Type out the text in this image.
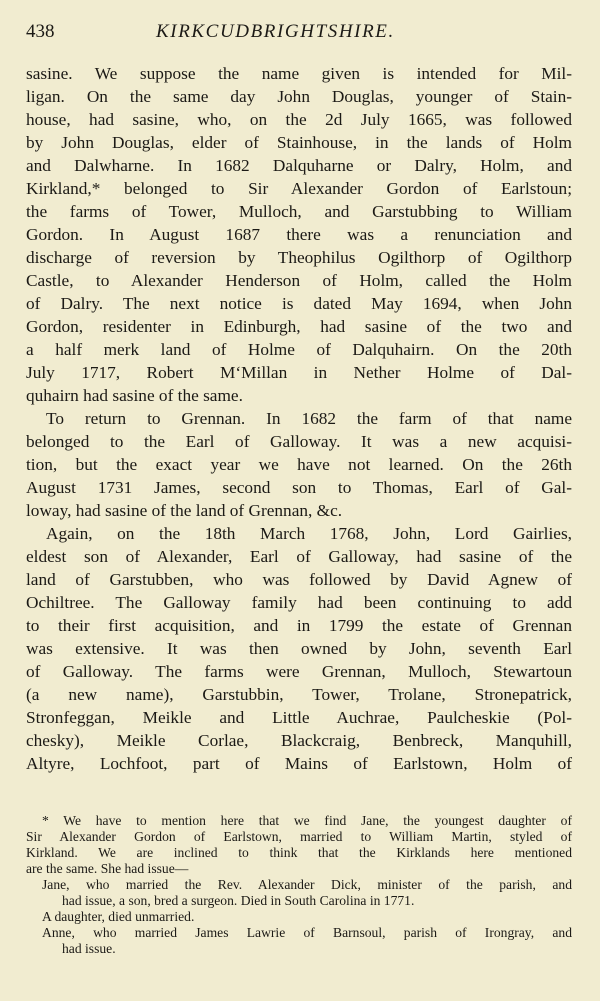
438	KIRKCUDBRIGHTSHIRE.
sasine. We suppose the name given is intended for Mil-
ligan. On the same day John Douglas, younger of Stain-
house, had sasine, who, on the 2d July 1665, was followed
by John Douglas, elder of Stainhouse, in the lands of Holm
and Dalwharne. In 1682 Dalquharne or Dalry, Holm, and
Kirkland,* belonged to Sir Alexander Gordon of Earlstoun;
the farms of Tower, Mulloch, and Garstubbing to William
Gordon. In August 1687 there was a renunciation and
discharge of reversion by Theophilus Ogilthorp of Ogilthorp
Castle, to Alexander Henderson of Holm, called the Holm
of Dalry. The next notice is dated May 1694, when John
Gordon, residenter in Edinburgh, had sasine of the two and
a half merk land of Holme of Dalquhairn. On the 20th
July 1717, Robert M‘Millan in Nether Holme of Dal-
quhairn had sasine of the same.
To return to Grennan. In 1682 the farm of that name
belonged to the Earl of Galloway. It was a new acquisi-
tion, but the exact year we have not learned. On the 26th
August 1731 James, second son to Thomas, Earl of Gal-
loway, had sasine of the land of Grennan, &c.
Again, on the 18th March 1768, John, Lord Gairlies,
eldest son of Alexander, Earl of Galloway, had sasine of the
land of Garstubben, who was followed by David Agnew of
Ochiltree. The Galloway family had been continuing to add
to their first acquisition, and in 1799 the estate of Grennan
was extensive. It was then owned by John, seventh Earl
of Galloway. The farms were Grennan, Mulloch, Stewartoun
(a new name), Garstubbin, Tower, Trolane, Stronepatrick,
Stronfeggan, Meikle and Little Auchrae, Paulcheskie (Pol-
chesky), Meikle Corlae, Blackcraig, Benbreck, Manquhill,
Altyre, Lochfoot, part of Mains of Earlstown, Holm of
* We have to mention here that we find Jane, the youngest daughter of
Sir Alexander Gordon of Earlstown, married to William Martin, styled of
Kirkland. We are inclined to think that the Kirklands here mentioned
are the same. She had issue—
Jane, who married the Rev. Alexander Dick, minister of the parish, and
had issue, a son, bred a surgeon. Died in South Carolina in 1771.
A daughter, died unmarried.
Anne, who married James Lawrie of Barnsoul, parish of Irongray, and
had issue.
